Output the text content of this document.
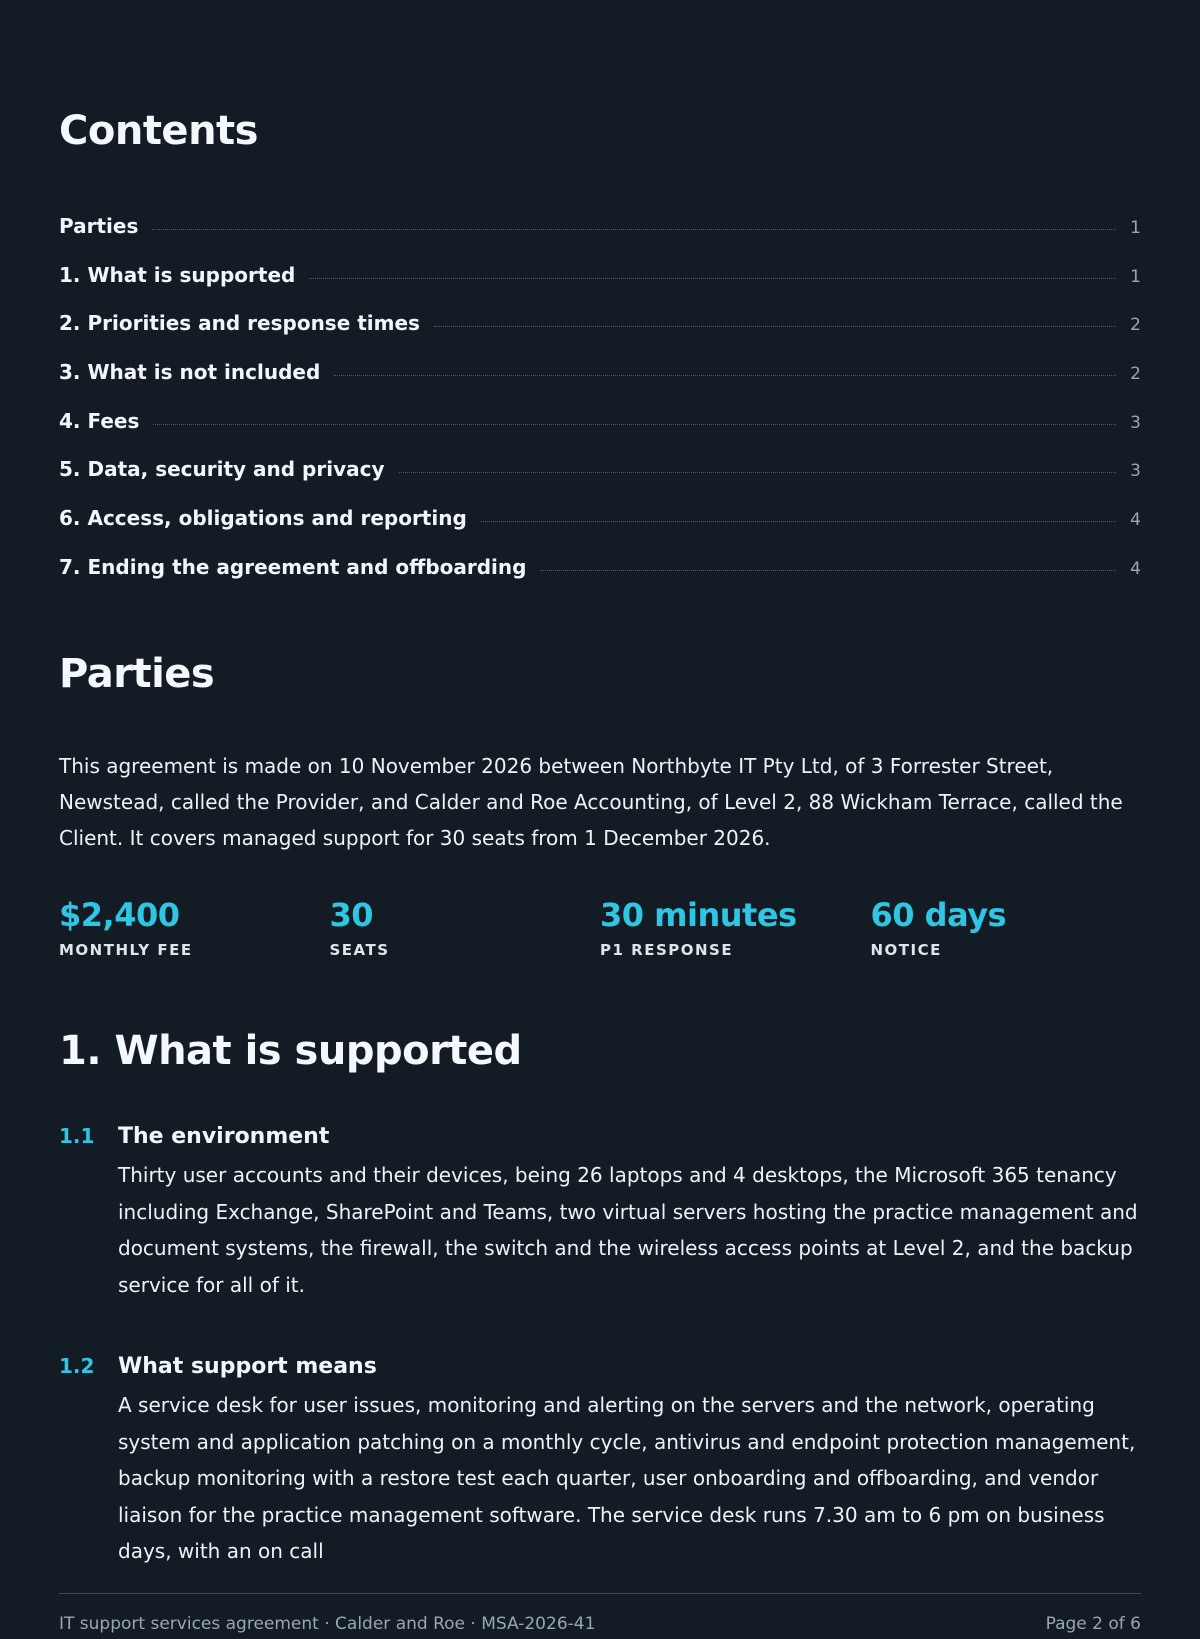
Contents
Parties	1
1. What is supported	1
2. Priorities and response times	2
3. What is not included	2
4. Fees	3
5. Data, security and privacy	3
6. Access, obligations and reporting	4
7. Ending the agreement and offboarding	4
Parties

This agreement is made on 10 November 2026 between Northbyte IT Pty Ltd, of 3 Forrester Street, Newstead, called the Provider, and Calder and Roe Accounting, of Level 2, 88 Wickham Terrace, called the Client. It covers managed support for 30 seats from 1 December 2026.

$2,400
MONTHLY FEE
30
SEATS
30 minutes
P1 RESPONSE
60 days
NOTICE
1. What is supported
1.1	The environment

Thirty user accounts and their devices, being 26 laptops and 4 desktops, the Microsoft 365 tenancy including Exchange, SharePoint and Teams, two virtual servers hosting the practice management and document systems, the firewall, the switch and the wireless access points at Level 2, and the backup service for all of it.

1.2	What support means

A service desk for user issues, monitoring and alerting on the servers and the network, operating system and application patching on a monthly cycle, antivirus and endpoint protection management, backup monitoring with a restore test each quarter, user onboarding and offboarding, and vendor liaison for the practice management software. The service desk runs 7.30 am to 6 pm on business days, with an on call

IT support services agreement · Calder and Roe · MSA-2026-41	Page 2 of 6
